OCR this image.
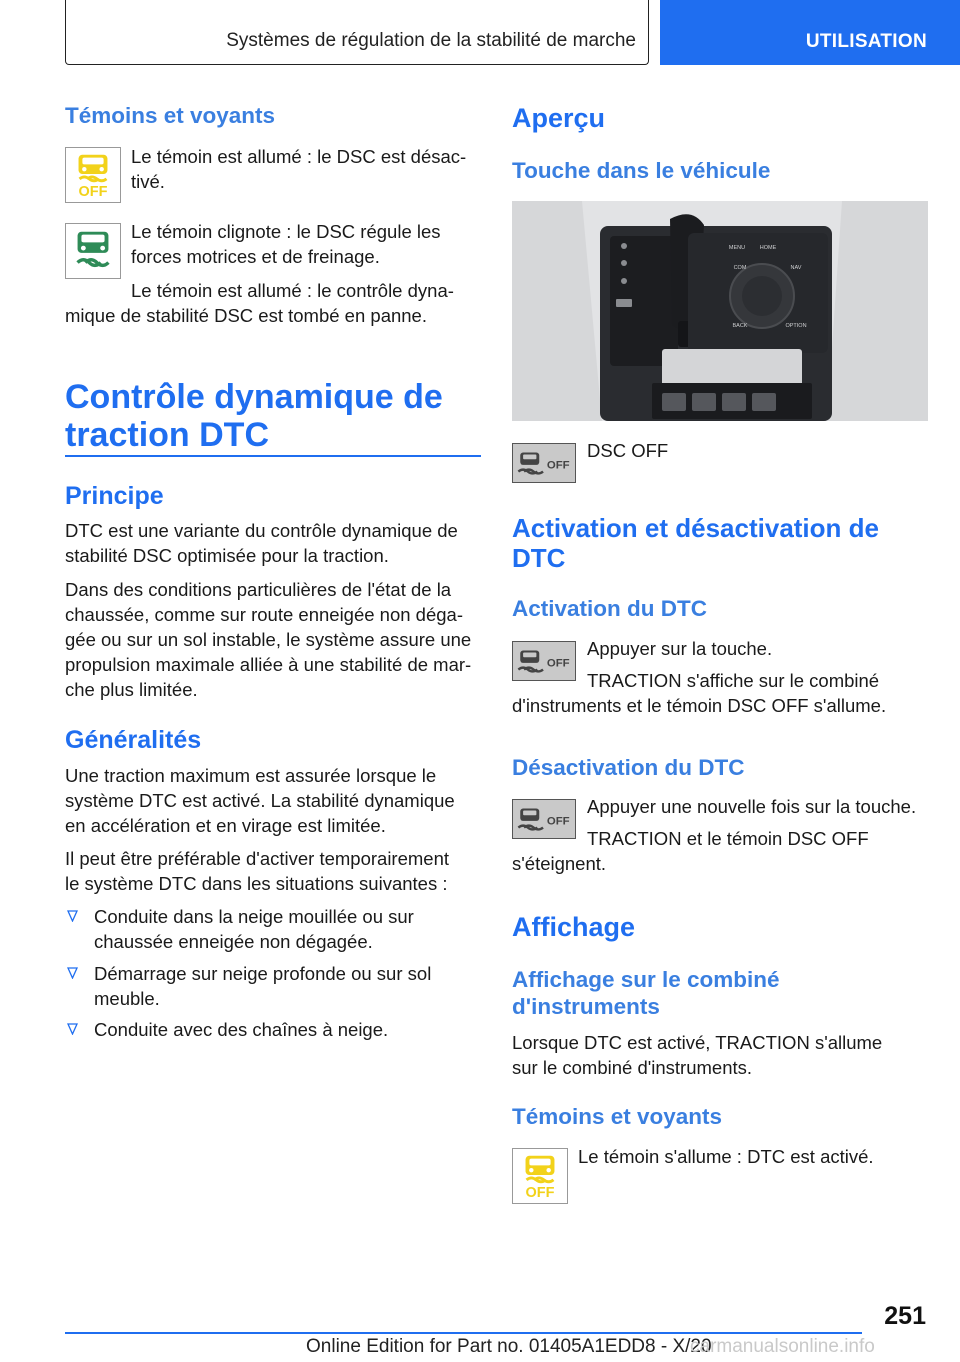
Systèmes de régulation de la stabilité de marche	UTILISATION
Témoins et voyants
OFF
Le témoin est allumé : le DSC est désac-
tivé.
Le témoin clignote : le DSC régule les
forces motrices et de freinage.
Le témoin est allumé : le contrôle dyna-
mique de stabilité DSC est tombé en panne.
Contrôle dynamique de
traction DTC
Principe
DTC est une variante du contrôle dynamique de
stabilité DSC optimisée pour la traction.
Dans des conditions particulières de l'état de la
chaussée, comme sur route enneigée non déga-
gée ou sur un sol instable, le système assure une
propulsion maximale alliée à une stabilité de mar-
che plus limitée.
Généralités
Une traction maximum est assurée lorsque le
système DTC est activé. La stabilité dynamique
en accélération et en virage est limitée.
Il peut être préférable d'activer temporairement
le système DTC dans les situations suivantes :
Conduite dans la neige mouillée ou sur
chaussée enneigée non dégagée.
Démarrage sur neige profonde ou sur sol
meuble.
Conduite avec des chaînes à neige.
Aperçu
Touche dans le véhicule
MENU	HOME
COM	NAV
BACK	OPTION
OFF
DSC OFF
Activation et désactivation de
DTC
Activation du DTC
OFF
Appuyer sur la touche.
TRACTION s'affiche sur le combiné
d'instruments et le témoin DSC OFF s'allume.
Désactivation du DTC
OFF
Appuyer une nouvelle fois sur la touche.
TRACTION et le témoin DSC OFF
s'éteignent.
Affichage
Affichage sur le combiné
d'instruments
Lorsque DTC est activé, TRACTION s'allume
sur le combiné d'instruments.
Témoins et voyants
OFF
Le témoin s'allume : DTC est activé.
251
Online Edition for Part no. 01405A1EDD8 - X/20
carmanualsonline.info
